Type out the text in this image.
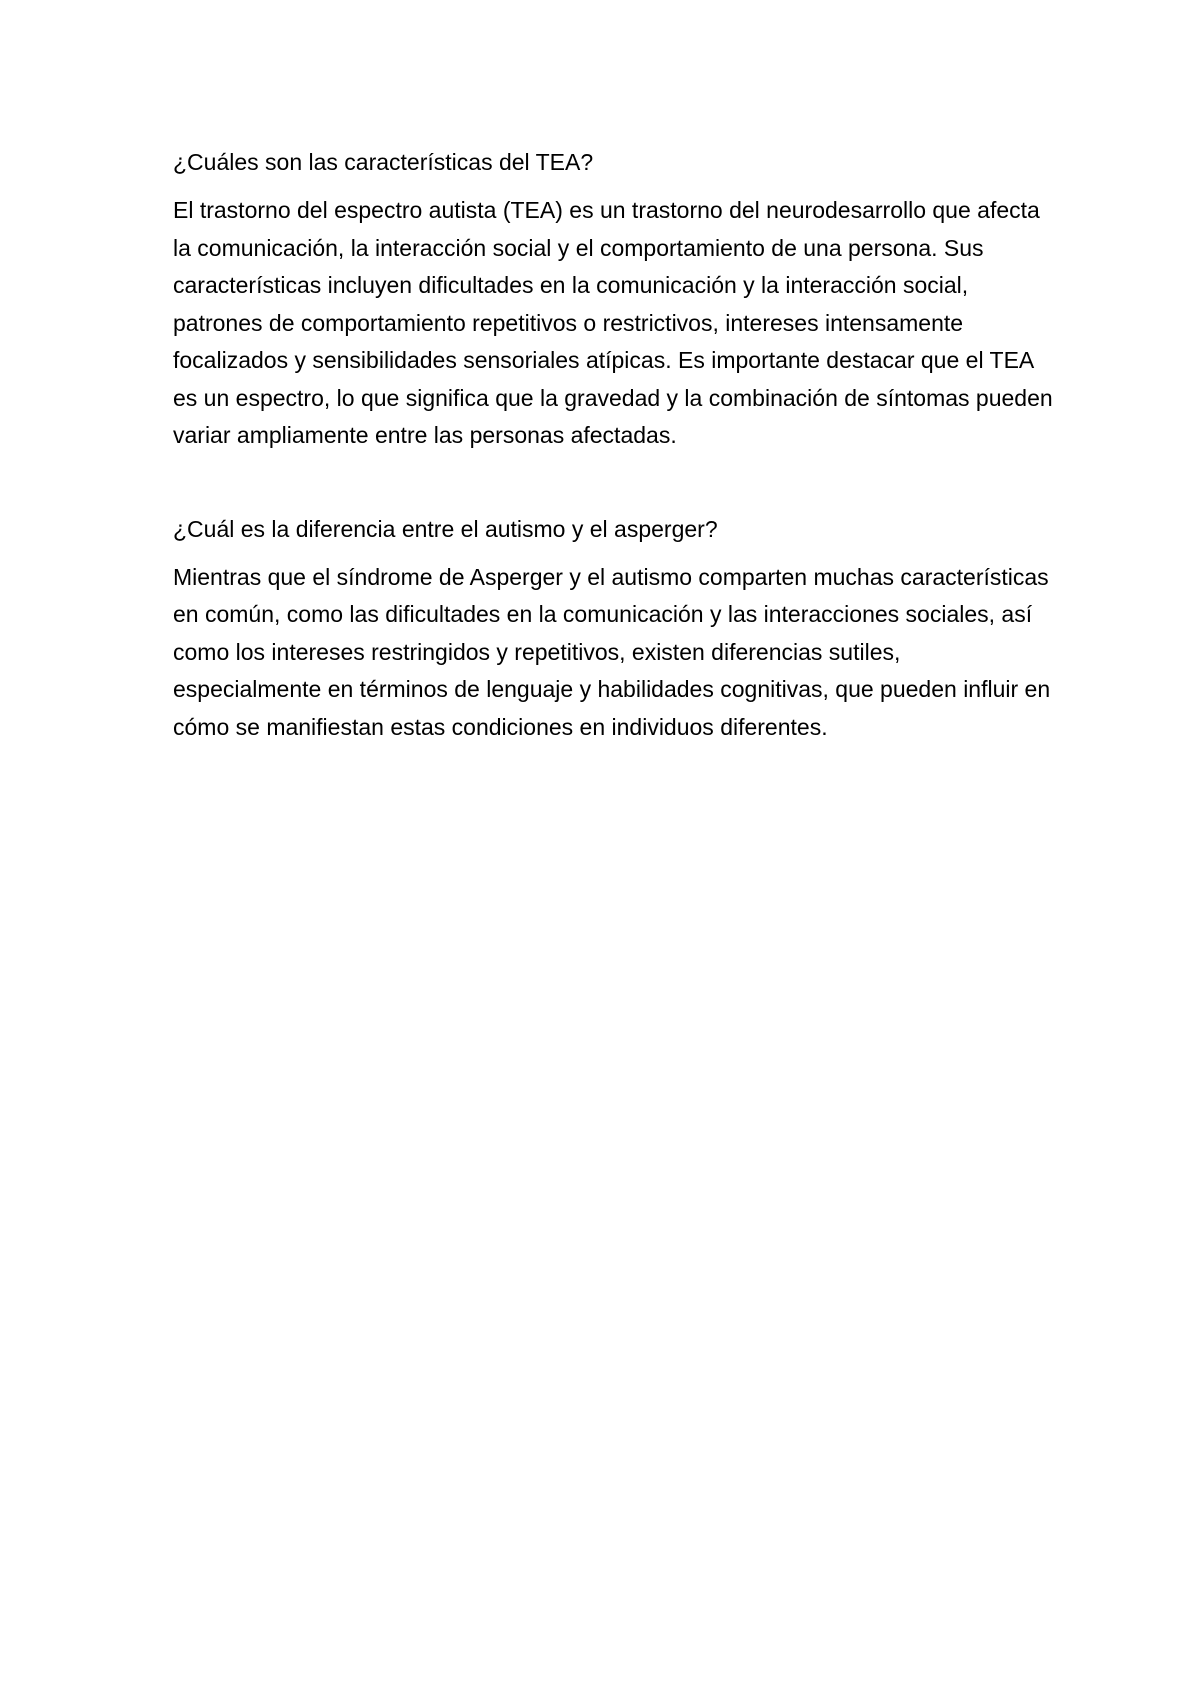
¿Cuáles son las características del TEA?

El trastorno del espectro autista (TEA) es un trastorno del neurodesarrollo que afecta la comunicación, la interacción social y el comportamiento de una persona. Sus características incluyen dificultades en la comunicación y la interacción social, patrones de comportamiento repetitivos o restrictivos, intereses intensamente focalizados y sensibilidades sensoriales atípicas. Es importante destacar que el TEA es un espectro, lo que significa que la gravedad y la combinación de síntomas pueden variar ampliamente entre las personas afectadas.

¿Cuál es la diferencia entre el autismo y el asperger?

Mientras que el síndrome de Asperger y el autismo comparten muchas características en común, como las dificultades en la comunicación y las interacciones sociales, así como los intereses restringidos y repetitivos, existen diferencias sutiles, especialmente en términos de lenguaje y habilidades cognitivas, que pueden influir en cómo se manifiestan estas condiciones en individuos diferentes.
